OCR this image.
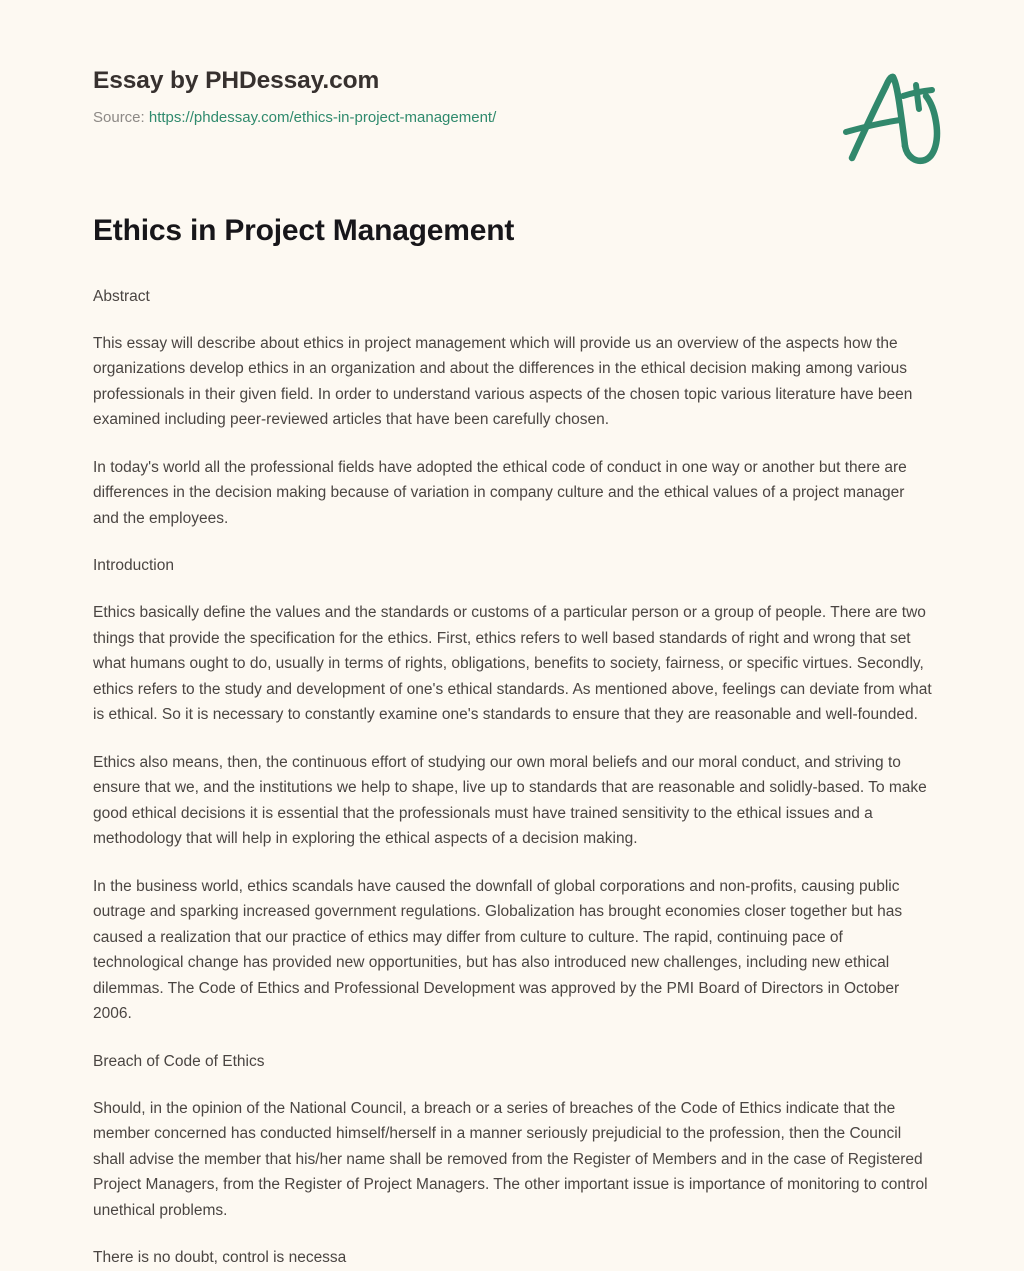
Essay by PHDessay.com
Source: https://phdessay.com/ethics-in-project-management/
Ethics in Project Management
Abstract

This essay will describe about ethics in project management which will provide us an overview of the aspects how the organizations develop ethics in an organization and about the differences in the ethical decision making among various professionals in their given field. In order to understand various aspects of the chosen topic various literature have been examined including peer-reviewed articles that have been carefully chosen.

In today's world all the professional fields have adopted the ethical code of conduct in one way or another but there are differences in the decision making because of variation in company culture and the ethical values of a project manager and the employees.

Introduction

Ethics basically define the values and the standards or customs of a particular person or a group of people. There are two things that provide the specification for the ethics. First, ethics refers to well based standards of right and wrong that set what humans ought to do, usually in terms of rights, obligations, benefits to society, fairness, or specific virtues. Secondly, ethics refers to the study and development of one's ethical standards. As mentioned above, feelings can deviate from what is ethical. So it is necessary to constantly examine one's standards to ensure that they are reasonable and well-founded.

Ethics also means, then, the continuous effort of studying our own moral beliefs and our moral conduct, and striving to ensure that we, and the institutions we help to shape, live up to standards that are reasonable and solidly-based. To make good ethical decisions it is essential that the professionals must have trained sensitivity to the ethical issues and a methodology that will help in exploring the ethical aspects of a decision making.

In the business world, ethics scandals have caused the downfall of global corporations and non-profits, causing public outrage and sparking increased government regulations. Globalization has brought economies closer together but has caused a realization that our practice of ethics may differ from culture to culture. The rapid, continuing pace of technological change has provided new opportunities, but has also introduced new challenges, including new ethical dilemmas. The Code of Ethics and Professional Development was approved by the PMI Board of Directors in October 2006.

Breach of Code of Ethics

Should, in the opinion of the National Council, a breach or a series of breaches of the Code of Ethics indicate that the member concerned has conducted himself/herself in a manner seriously prejudicial to the profession, then the Council shall advise the member that his/her name shall be removed from the Register of Members and in the case of Registered Project Managers, from the Register of Project Managers. The other important issue is importance of monitoring to control unethical problems.

There is no doubt, control is necessa
